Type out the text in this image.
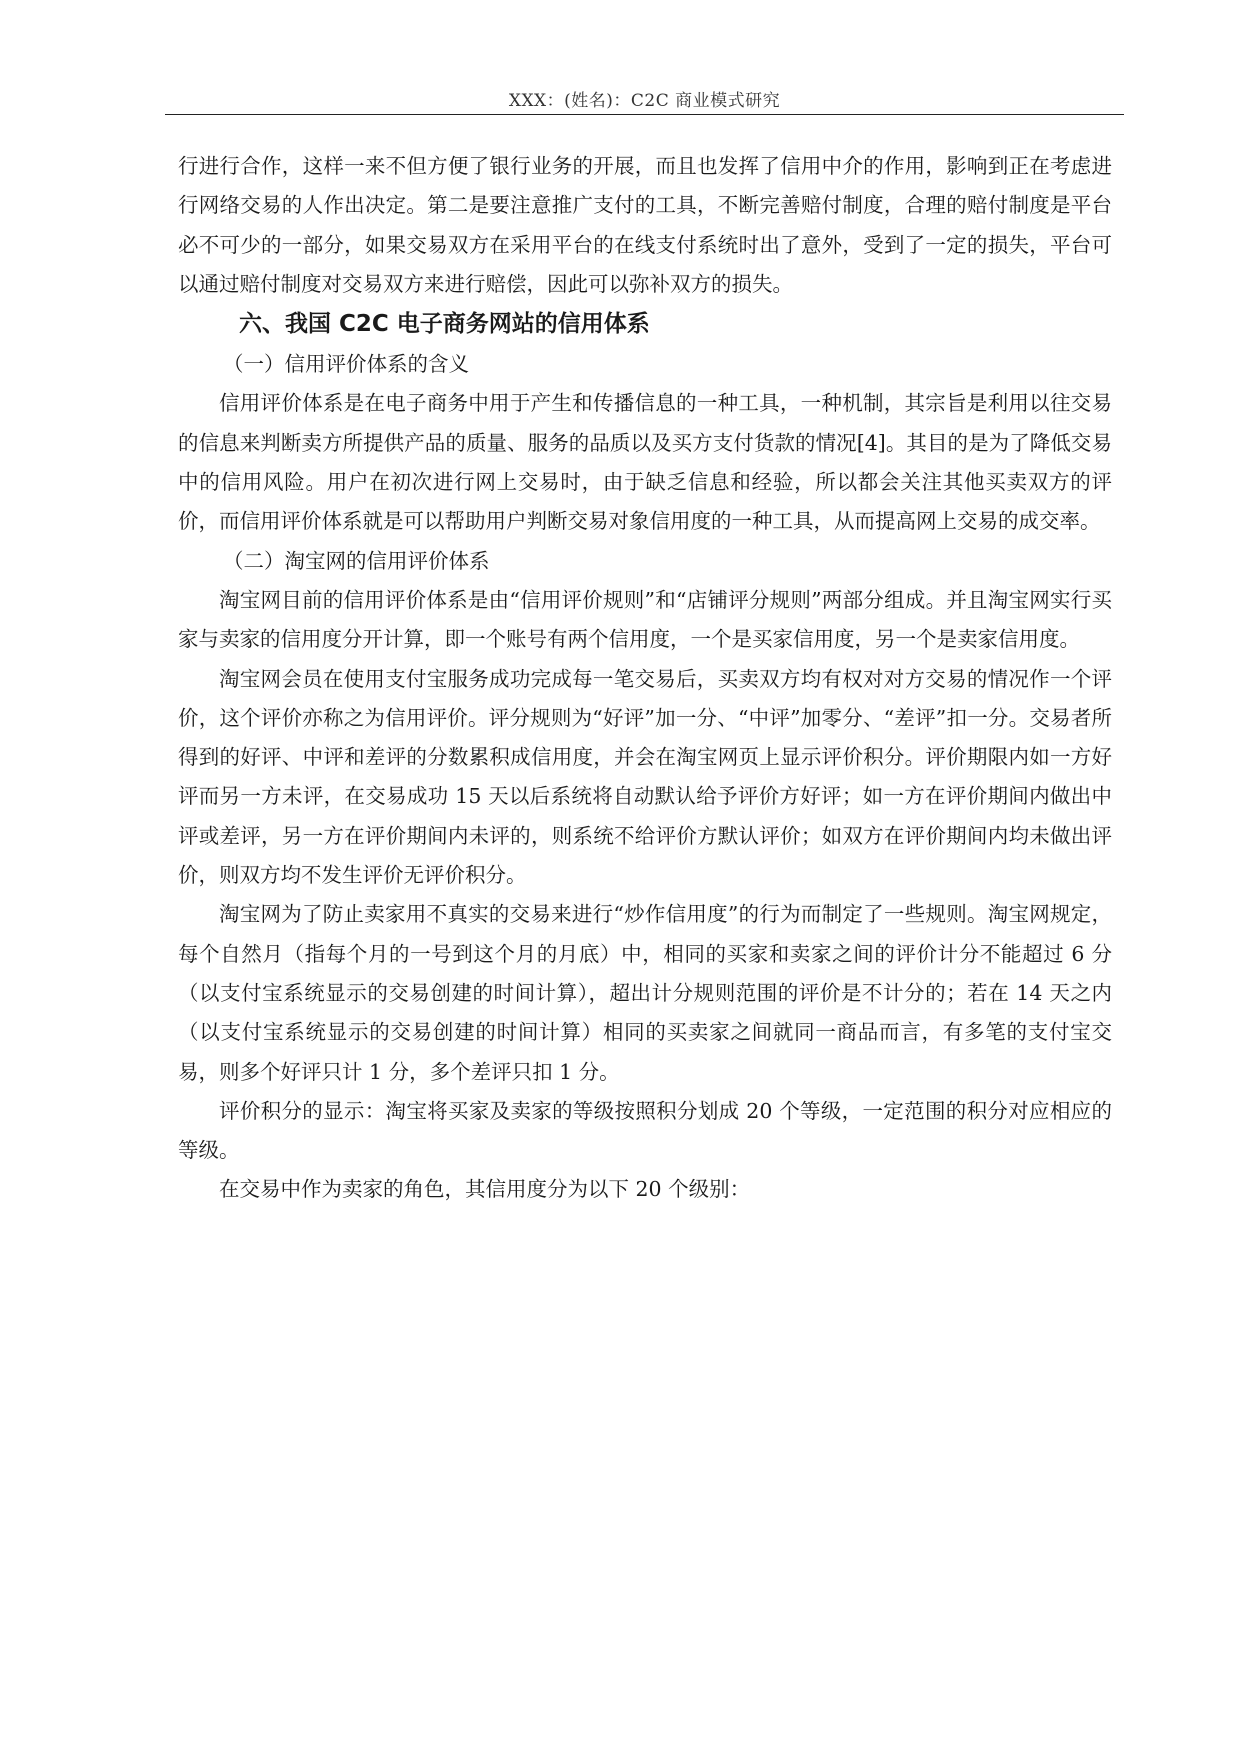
XXX：(姓名)：C2C 商业模式研究

行进行合作，这样一来不但方便了银行业务的开展，而且也发挥了信用中介的作用，影响到正在考虑进行网络交易的人作出决定。第二是要注意推广支付的工具，不断完善赔付制度，合理的赔付制度是平台必不可少的一部分，如果交易双方在采用平台的在线支付系统时出了意外，受到了一定的损失，平台可以通过赔付制度对交易双方来进行赔偿，因此可以弥补双方的损失。

六、我国 C2C 电子商务网站的信用体系

（一）信用评价体系的含义

信用评价体系是在电子商务中用于产生和传播信息的一种工具，一种机制，其宗旨是利用以往交易的信息来判断卖方所提供产品的质量、服务的品质以及买方支付货款的情况[4]。其目的是为了降低交易中的信用风险。用户在初次进行网上交易时，由于缺乏信息和经验，所以都会关注其他买卖双方的评价，而信用评价体系就是可以帮助用户判断交易对象信用度的一种工具，从而提高网上交易的成交率。

（二）淘宝网的信用评价体系

淘宝网目前的信用评价体系是由“信用评价规则”和“店铺评分规则”两部分组成。并且淘宝网实行买家与卖家的信用度分开计算，即一个账号有两个信用度，一个是买家信用度，另一个是卖家信用度。

淘宝网会员在使用支付宝服务成功完成每一笔交易后，买卖双方均有权对对方交易的情况作一个评价，这个评价亦称之为信用评价。评分规则为“好评”加一分、“中评”加零分、“差评”扣一分。交易者所得到的好评、中评和差评的分数累积成信用度，并会在淘宝网页上显示评价积分。评价期限内如一方好评而另一方未评，在交易成功 15 天以后系统将自动默认给予评价方好评；如一方在评价期间内做出中评或差评，另一方在评价期间内未评的，则系统不给评价方默认评价；如双方在评价期间内均未做出评价，则双方均不发生评价无评价积分。

淘宝网为了防止卖家用不真实的交易来进行“炒作信用度”的行为而制定了一些规则。淘宝网规定，每个自然月（指每个月的一号到这个月的月底）中，相同的买家和卖家之间的评价计分不能超过 6 分（以支付宝系统显示的交易创建的时间计算），超出计分规则范围的评价是不计分的；若在 14 天之内（以支付宝系统显示的交易创建的时间计算）相同的买卖家之间就同一商品而言，有多笔的支付宝交易，则多个好评只计 1 分，多个差评只扣 1 分。

评价积分的显示：淘宝将买家及卖家的等级按照积分划成 20 个等级，一定范围的积分对应相应的等级。

在交易中作为卖家的角色，其信用度分为以下 20 个级别：
